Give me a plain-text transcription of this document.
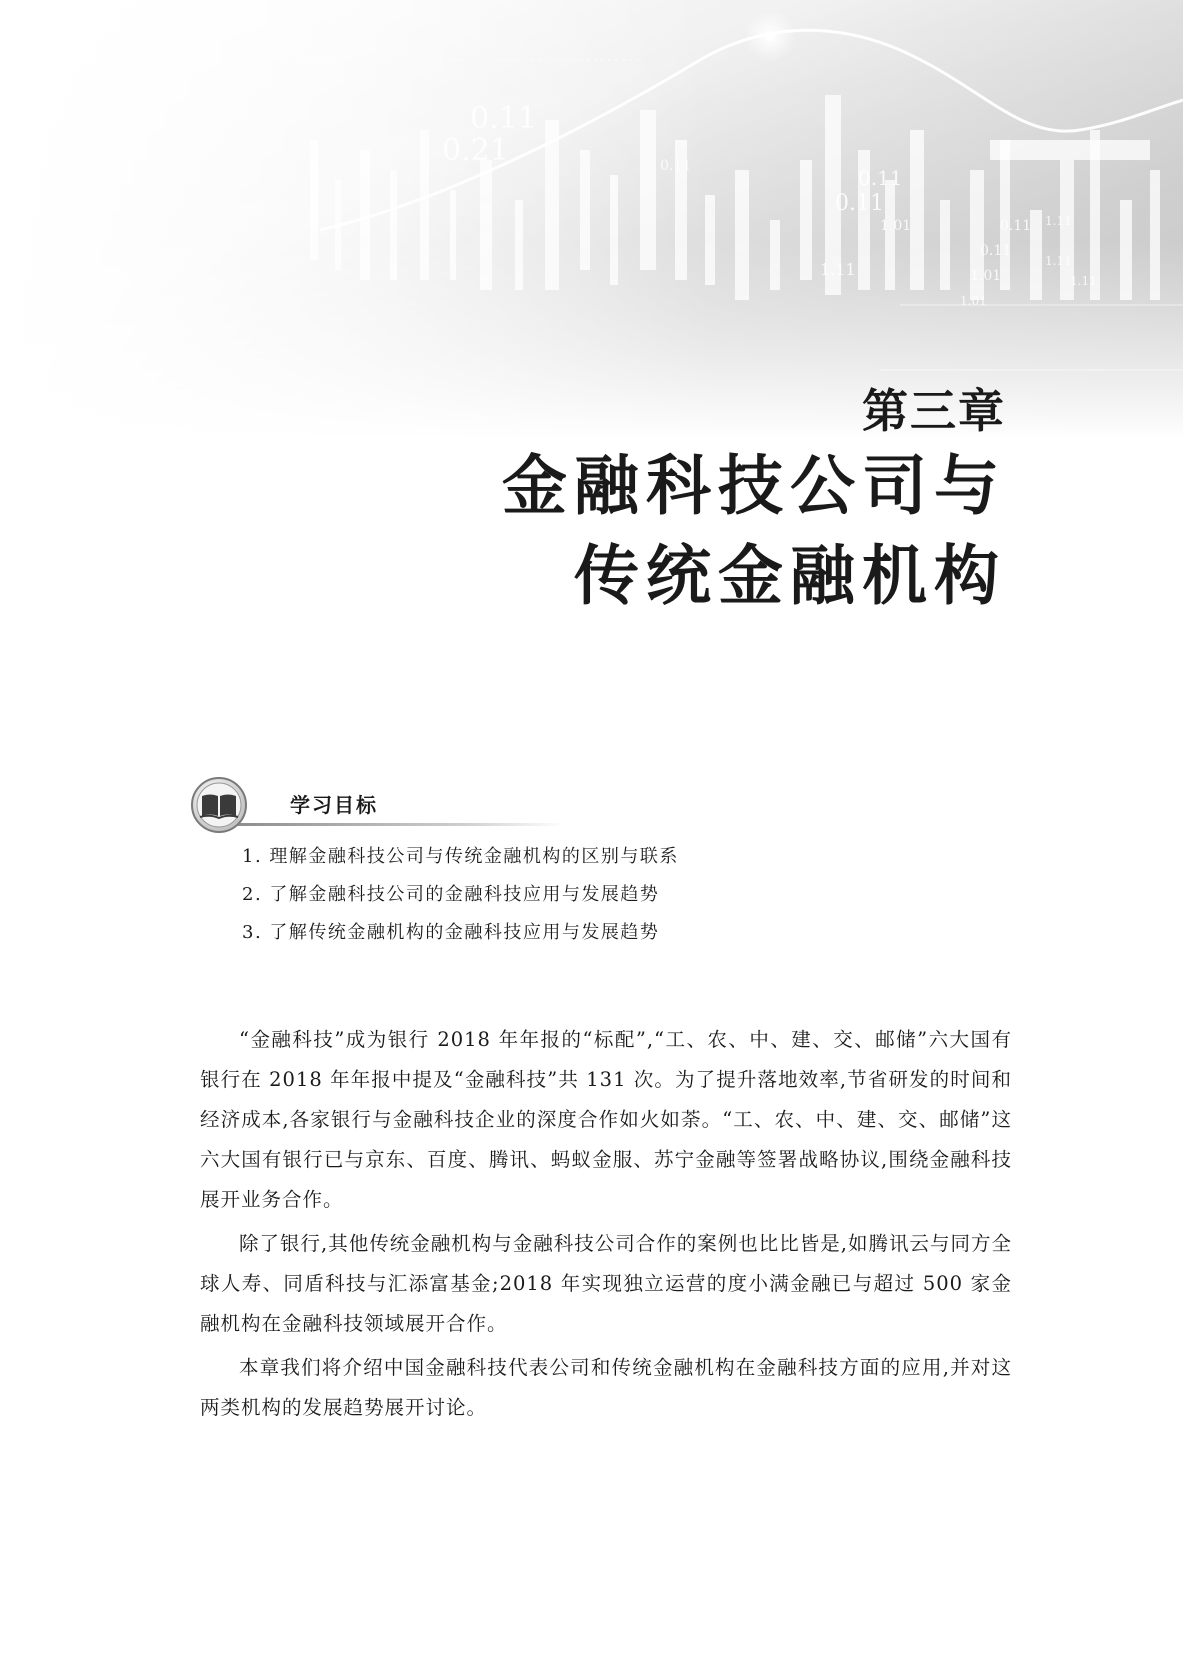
第三章
金融科技公司与
传统金融机构
学习目标
1. 理解金融科技公司与传统金融机构的区别与联系
2. 了解金融科技公司的金融科技应用与发展趋势
3. 了解传统金融机构的金融科技应用与发展趋势

“金融科技”成为银行 2018 年年报的“标配”,“工、农、中、建、交、邮储”六大国有银行在 2018 年年报中提及“金融科技”共 131 次。为了提升落地效率,节省研发的时间和经济成本,各家银行与金融科技企业的深度合作如火如荼。“工、农、中、建、交、邮储”这六大国有银行已与京东、百度、腾讯、蚂蚁金服、苏宁金融等签署战略协议,围绕金融科技展开业务合作。

除了银行,其他传统金融机构与金融科技公司合作的案例也比比皆是,如腾讯云与同方全球人寿、同盾科技与汇添富基金;2018 年实现独立运营的度小满金融已与超过 500 家金融机构在金融科技领域展开合作。

本章我们将介绍中国金融科技代表公司和传统金融机构在金融科技方面的应用,并对这两类机构的发展趋势展开讨论。
